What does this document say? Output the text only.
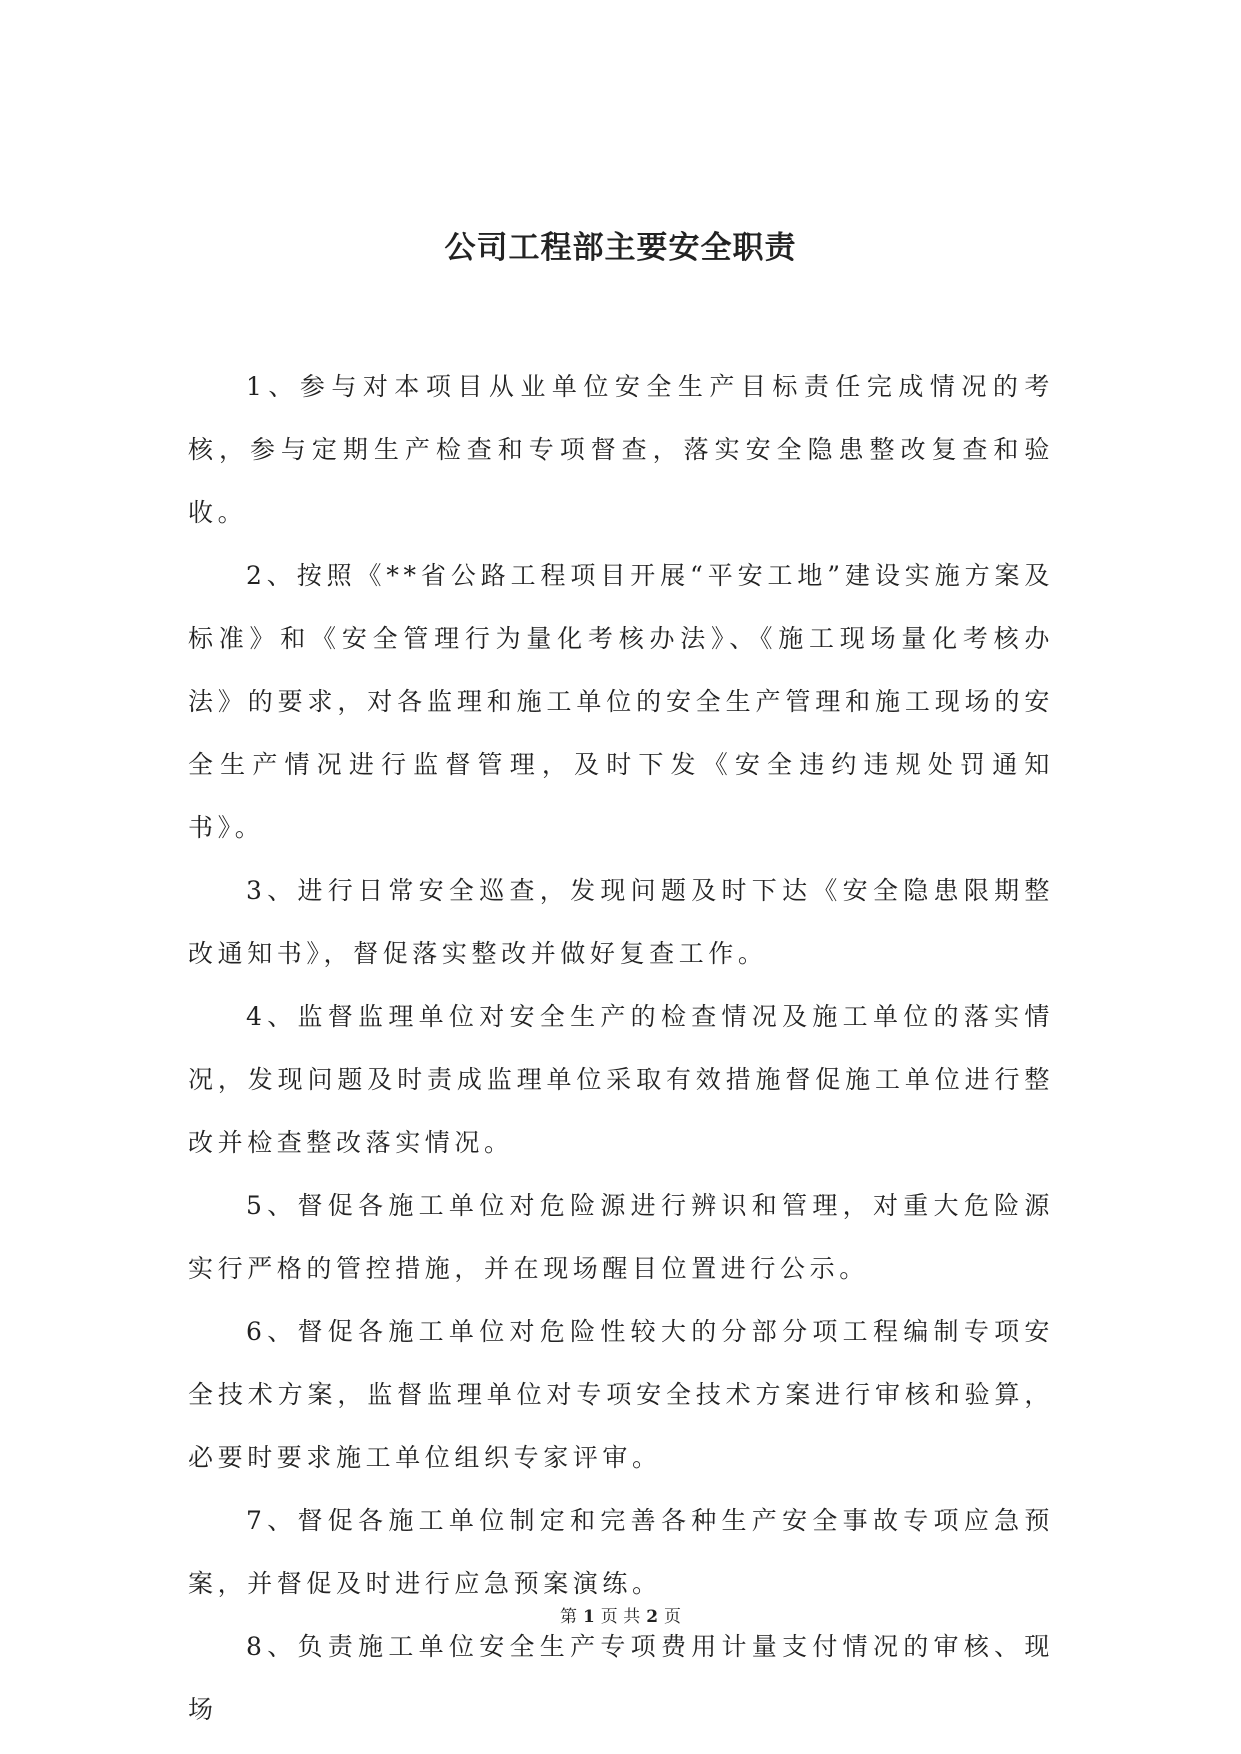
公司工程部主要安全职责

1、参与对本项目从业单位安全生产目标责任完成情况的考核，参与定期生产检查和专项督查，落实安全隐患整改复查和验收。

2、按照《**省公路工程项目开展“平安工地”建设实施方案及标准》和《安全管理行为量化考核办法》、《施工现场量化考核办法》的要求，对各监理和施工单位的安全生产管理和施工现场的安全生产情况进行监督管理，及时下发《安全违约违规处罚通知书》。

3、进行日常安全巡查，发现问题及时下达《安全隐患限期整改通知书》，督促落实整改并做好复查工作。

4、监督监理单位对安全生产的检查情况及施工单位的落实情况，发现问题及时责成监理单位采取有效措施督促施工单位进行整改并检查整改落实情况。

5、督促各施工单位对危险源进行辨识和管理，对重大危险源实行严格的管控措施，并在现场醒目位置进行公示。

6、督促各施工单位对危险性较大的分部分项工程编制专项安全技术方案，监督监理单位对专项安全技术方案进行审核和验算，必要时要求施工单位组织专家评审。

7、督促各施工单位制定和完善各种生产安全事故专项应急预案，并督促及时进行应急预案演练。

8、负责施工单位安全生产专项费用计量支付情况的审核、现场

第 1 页 共 2 页
